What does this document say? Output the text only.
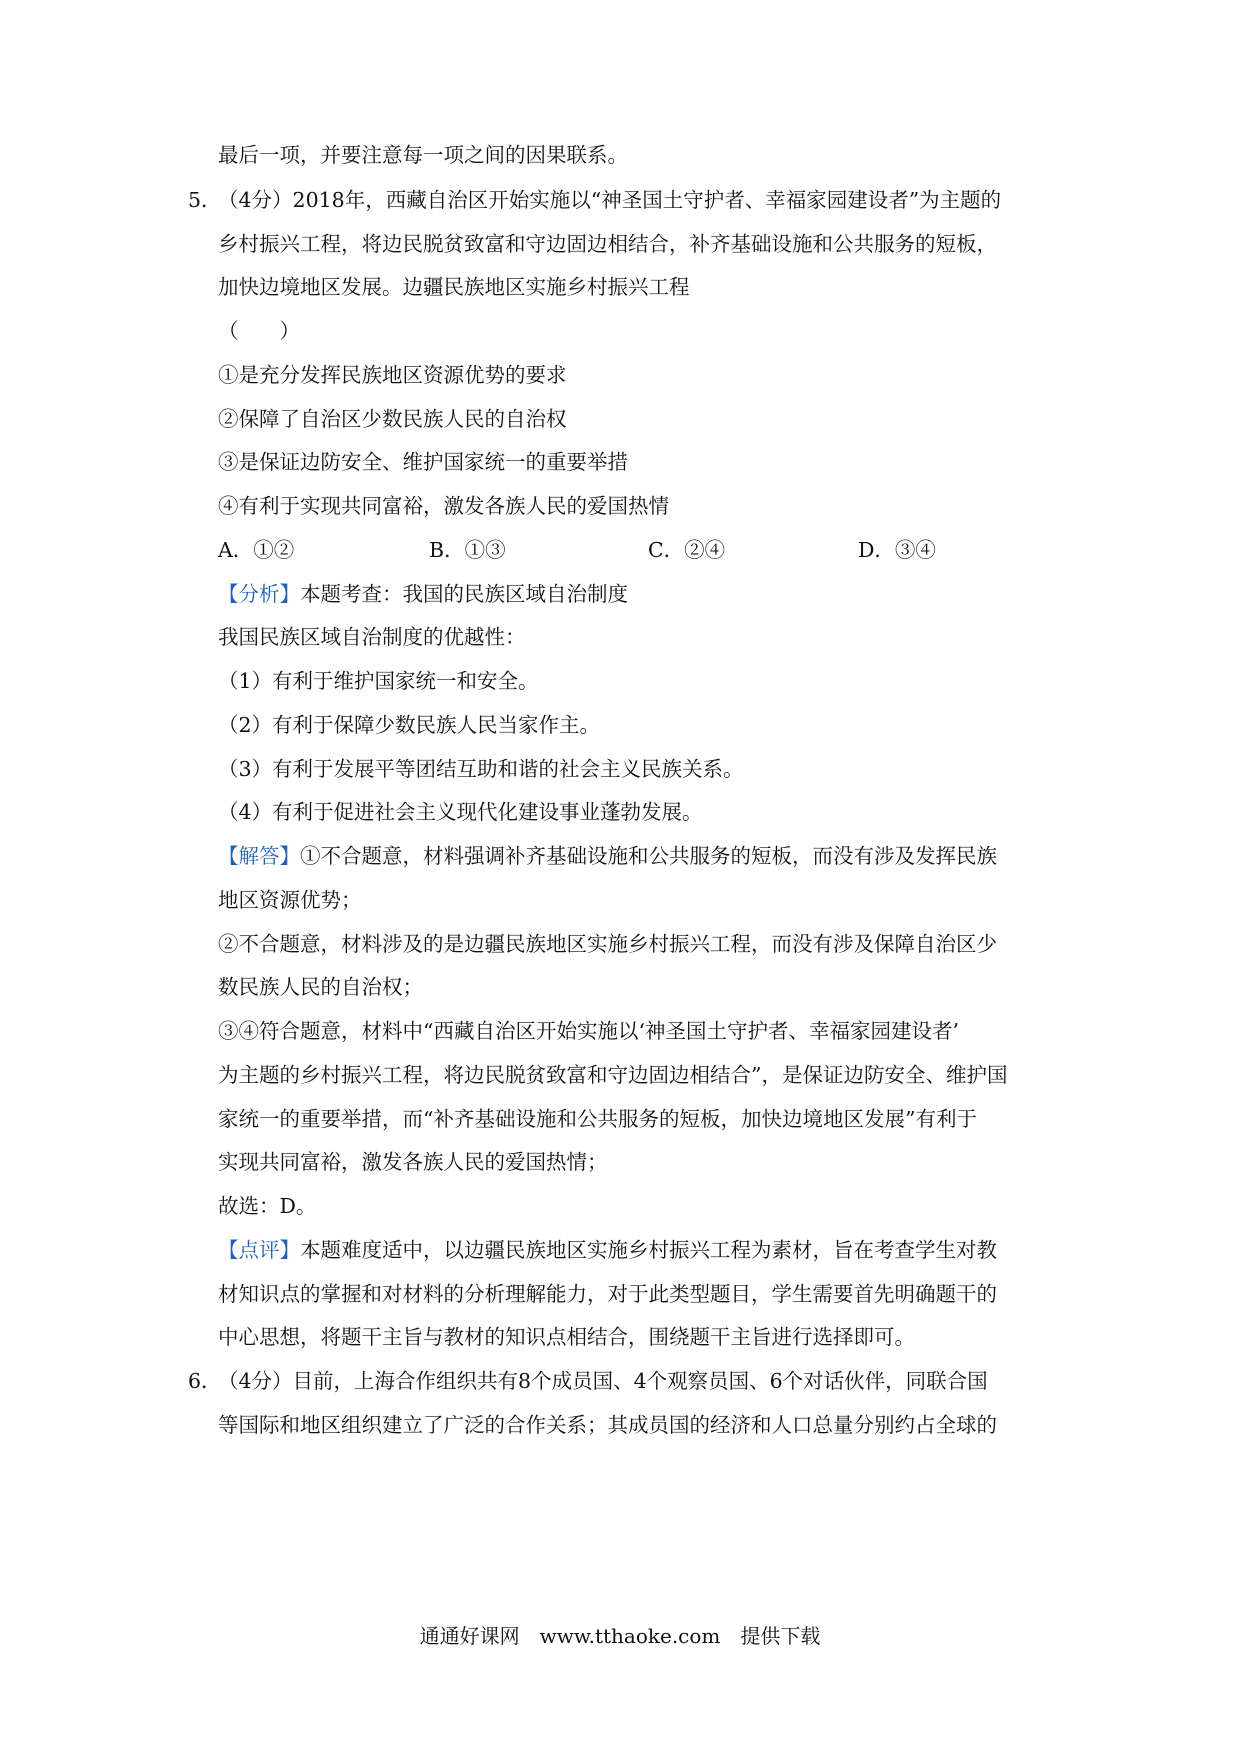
最后一项，并要注意每一项之间的因果联系。
5．
（4分）2018年，西藏自治区开始实施以“神圣国土守护者、幸福家园建设者”为主题的
乡村振兴工程，将边民脱贫致富和守边固边相结合，补齐基础设施和公共服务的短板，
加快边境地区发展。边疆民族地区实施乡村振兴工程
（　　）
①是充分发挥民族地区资源优势的要求
②保障了自治区少数民族人民的自治权
③是保证边防安全、维护国家统一的重要举措
④有利于实现共同富裕，激发各族人民的爱国热情
A．①②	B．①③	C．②④	D．③④
【分析】本题考查：我国的民族区域自治制度
我国民族区域自治制度的优越性：
（1）有利于维护国家统一和安全。
（2）有利于保障少数民族人民当家作主。
（3）有利于发展平等团结互助和谐的社会主义民族关系。
（4）有利于促进社会主义现代化建设事业蓬勃发展。
【解答】①不合题意，材料强调补齐基础设施和公共服务的短板，而没有涉及发挥民族
地区资源优势；
②不合题意，材料涉及的是边疆民族地区实施乡村振兴工程，而没有涉及保障自治区少
数民族人民的自治权；
③④符合题意，材料中“西藏自治区开始实施以‘神圣国土守护者、幸福家园建设者’
为主题的乡村振兴工程，将边民脱贫致富和守边固边相结合”，是保证边防安全、维护国
家统一的重要举措，而“补齐基础设施和公共服务的短板，加快边境地区发展”有利于
实现共同富裕，激发各族人民的爱国热情；
故选：D。
【点评】本题难度适中，以边疆民族地区实施乡村振兴工程为素材，旨在考查学生对教
材知识点的掌握和对材料的分析理解能力，对于此类型题目，学生需要首先明确题干的
中心思想，将题干主旨与教材的知识点相结合，围绕题干主旨进行选择即可。
6．
（4分）目前，上海合作组织共有8个成员国、4个观察员国、6个对话伙伴，同联合国
等国际和地区组织建立了广泛的合作关系；其成员国的经济和人口总量分别约占全球的
通通好课网　www.tthaoke.com　提供下载
